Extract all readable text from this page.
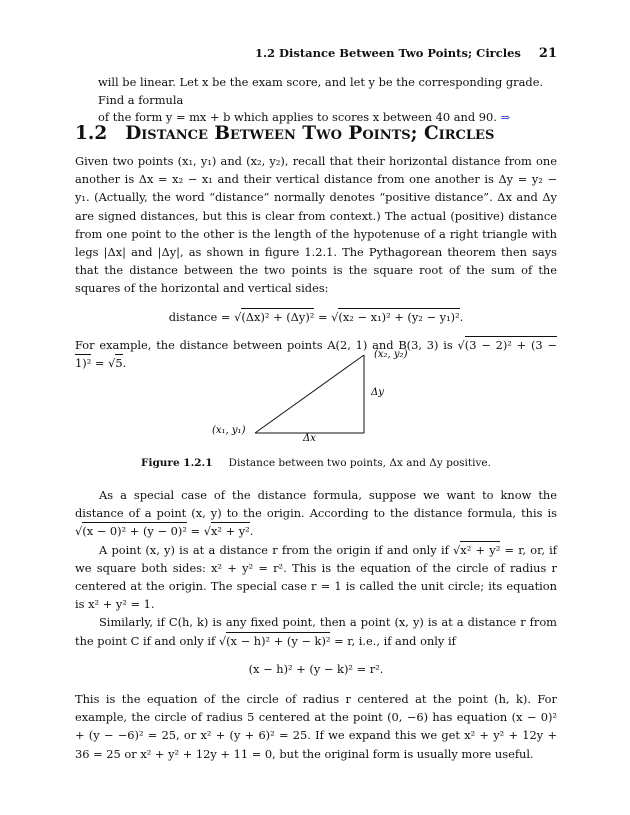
1.2 Distance Between Two Points; Circles 21
will be linear. Let x be the exam score, and let y be the corresponding grade. Find a formula
of the form y = mx + b which applies to scores x between 40 and 90. ⇒
1.2 Distance Between Two Points; Circles

Given two points (x₁, y₁) and (x₂, y₂), recall that their horizontal distance from one another is Δx = x₂ − x₁ and their vertical distance from one another is Δy = y₂ − y₁. (Actually, the word “distance” normally denotes “positive distance”. Δx and Δy are signed distances, but this is clear from context.) The actual (positive) distance from one point to the other is the length of the hypotenuse of a right triangle with legs |Δx| and |Δy|, as shown in figure 1.2.1. The Pythagorean theorem then says that the distance between the two points is the square root of the sum of the squares of the horizontal and vertical sides:

distance = √(Δx)² + (Δy)² = √(x₂ − x₁)² + (y₂ − y₁)².

For example, the distance between points A(2, 1) and B(3, 3) is √(3 − 2)² + (3 − 1)² = √5.

(x₂, y₂)
(x₁, y₁)
Δy
Δx
Figure 1.2.1 Distance between two points, Δx and Δy positive.

As a special case of the distance formula, suppose we want to know the distance of a point (x, y) to the origin. According to the distance formula, this is √(x − 0)² + (y − 0)² = √x² + y².

A point (x, y) is at a distance r from the origin if and only if √x² + y² = r, or, if we square both sides: x² + y² = r². This is the equation of the circle of radius r centered at the origin. The special case r = 1 is called the unit circle; its equation is x² + y² = 1.

Similarly, if C(h, k) is any fixed point, then a point (x, y) is at a distance r from the point C if and only if √(x − h)² + (y − k)² = r, i.e., if and only if

(x − h)² + (y − k)² = r².

This is the equation of the circle of radius r centered at the point (h, k). For example, the circle of radius 5 centered at the point (0, −6) has equation (x − 0)² + (y − −6)² = 25, or x² + (y + 6)² = 25. If we expand this we get x² + y² + 12y + 36 = 25 or x² + y² + 12y + 11 = 0, but the original form is usually more useful.
